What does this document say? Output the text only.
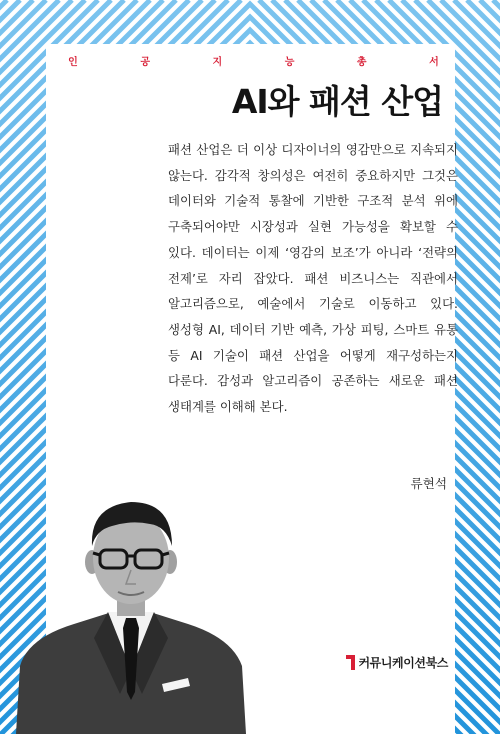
인	공	지	능	총	서
AI와 패션 산업

패션 산업은 더 이상 디자이너의 영감만으로 지속되지 않는다. 감각적 창의성은 여전히 중요하지만 그것은 데이터와 기술적 통찰에 기반한 구조적 분석 위에 구축되어야만 시장성과 실현 가능성을 확보할 수 있다. 데이터는 이제 ‘영감의 보조’가 아니라 ‘전략의 전제’로 자리 잡았다. 패션 비즈니스는 직관에서 알고리즘으로, 예술에서 기술로 이동하고 있다. 생성형 AI, 데이터 기반 예측, 가상 피팅, 스마트 유통 등 AI 기술이 패션 산업을 어떻게 재구성하는지 다룬다. 감성과 알고리즘이 공존하는 새로운 패션 생태계를 이해해 본다.

류현석

커뮤니케이션북스
